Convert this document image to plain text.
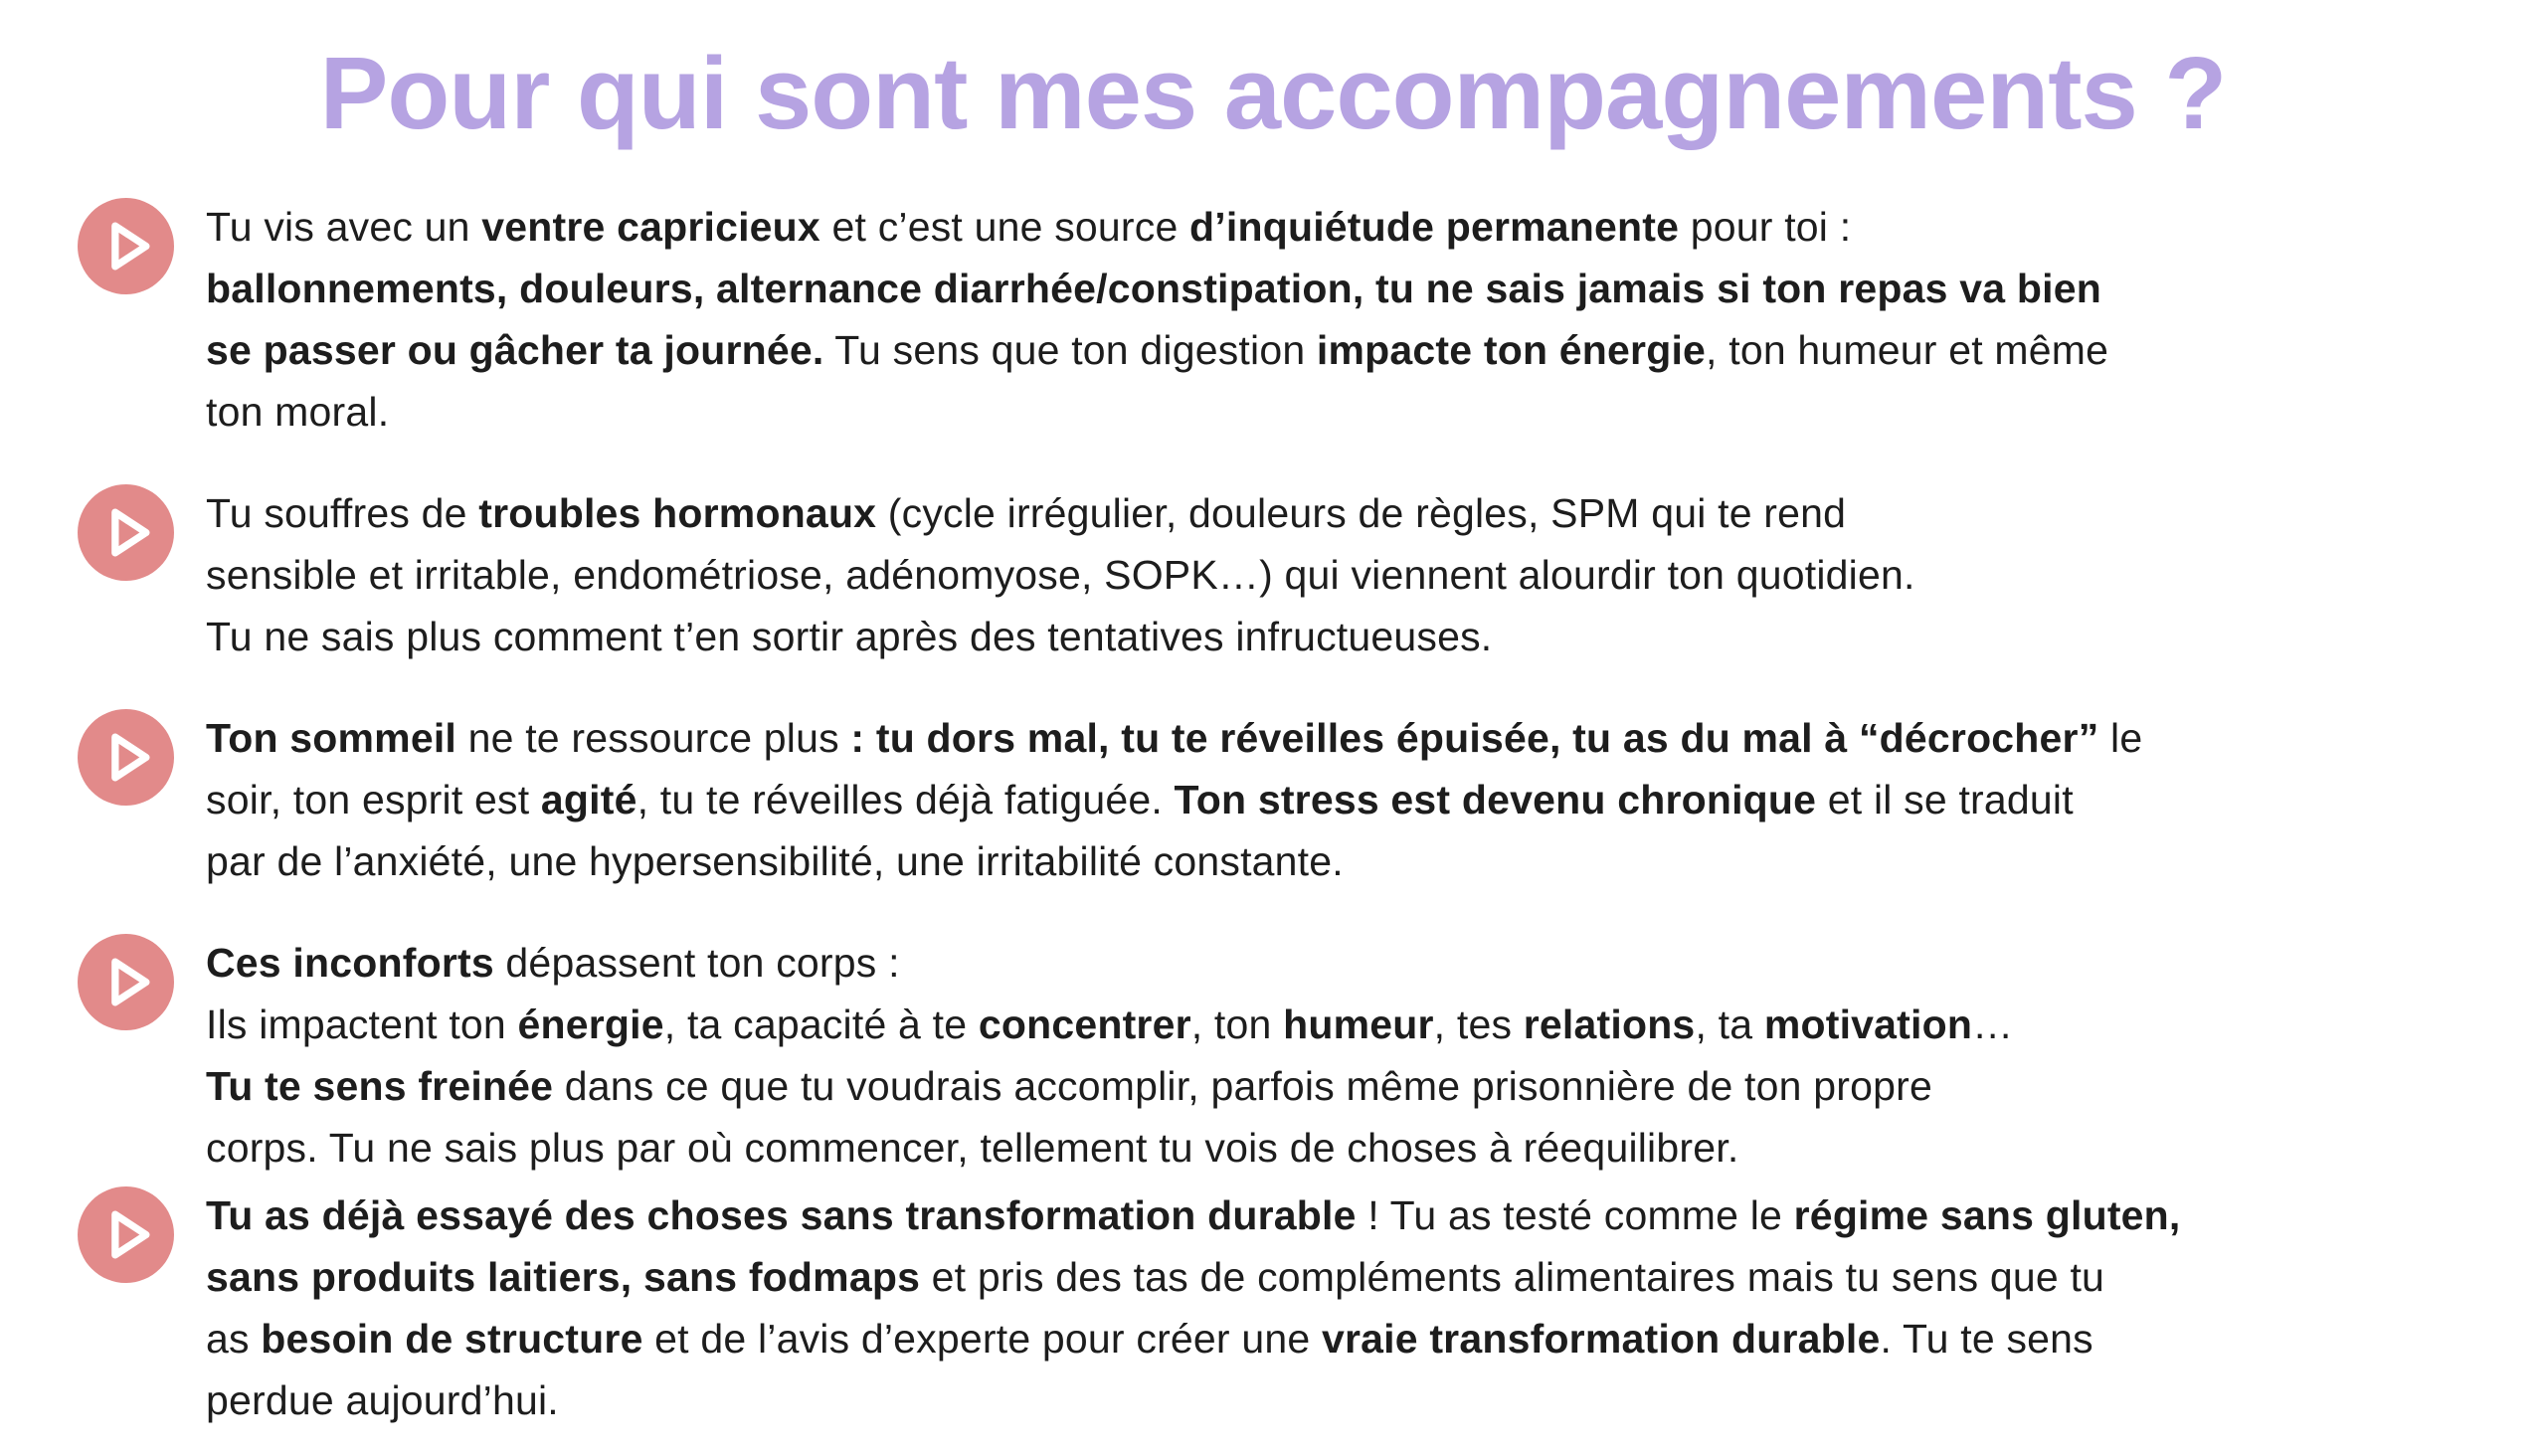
Pour qui sont mes accompagnements ?

Tu vis avec un ventre capricieux et c’est une source d’inquiétude permanente pour toi :
ballonnements, douleurs, alternance diarrhée/constipation, tu ne sais jamais si ton repas va bien
se passer ou gâcher ta journée. Tu sens que ton digestion impacte ton énergie, ton humeur et même
ton moral.

Tu souffres de troubles hormonaux (cycle irrégulier, douleurs de règles, SPM qui te rend
sensible et irritable, endométriose, adénomyose, SOPK…) qui viennent alourdir ton quotidien.
Tu ne sais plus comment t’en sortir après des tentatives infructueuses.

Ton sommeil ne te ressource plus : tu dors mal, tu te réveilles épuisée, tu as du mal à “décrocher” le
soir, ton esprit est agité, tu te réveilles déjà fatiguée. Ton stress est devenu chronique et il se traduit
par de l’anxiété, une hypersensibilité, une irritabilité constante.

Ces inconforts dépassent ton corps :
Ils impactent ton énergie, ta capacité à te concentrer, ton humeur, tes relations, ta motivation…
Tu te sens freinée dans ce que tu voudrais accomplir, parfois même prisonnière de ton propre
corps. Tu ne sais plus par où commencer, tellement tu vois de choses à réequilibrer.

Tu as déjà essayé des choses sans transformation durable ! Tu as testé comme le régime sans gluten,
sans produits laitiers, sans fodmaps et pris des tas de compléments alimentaires mais tu sens que tu
as besoin de structure et de l’avis d’experte pour créer une vraie transformation durable. Tu te sens
perdue aujourd’hui.
